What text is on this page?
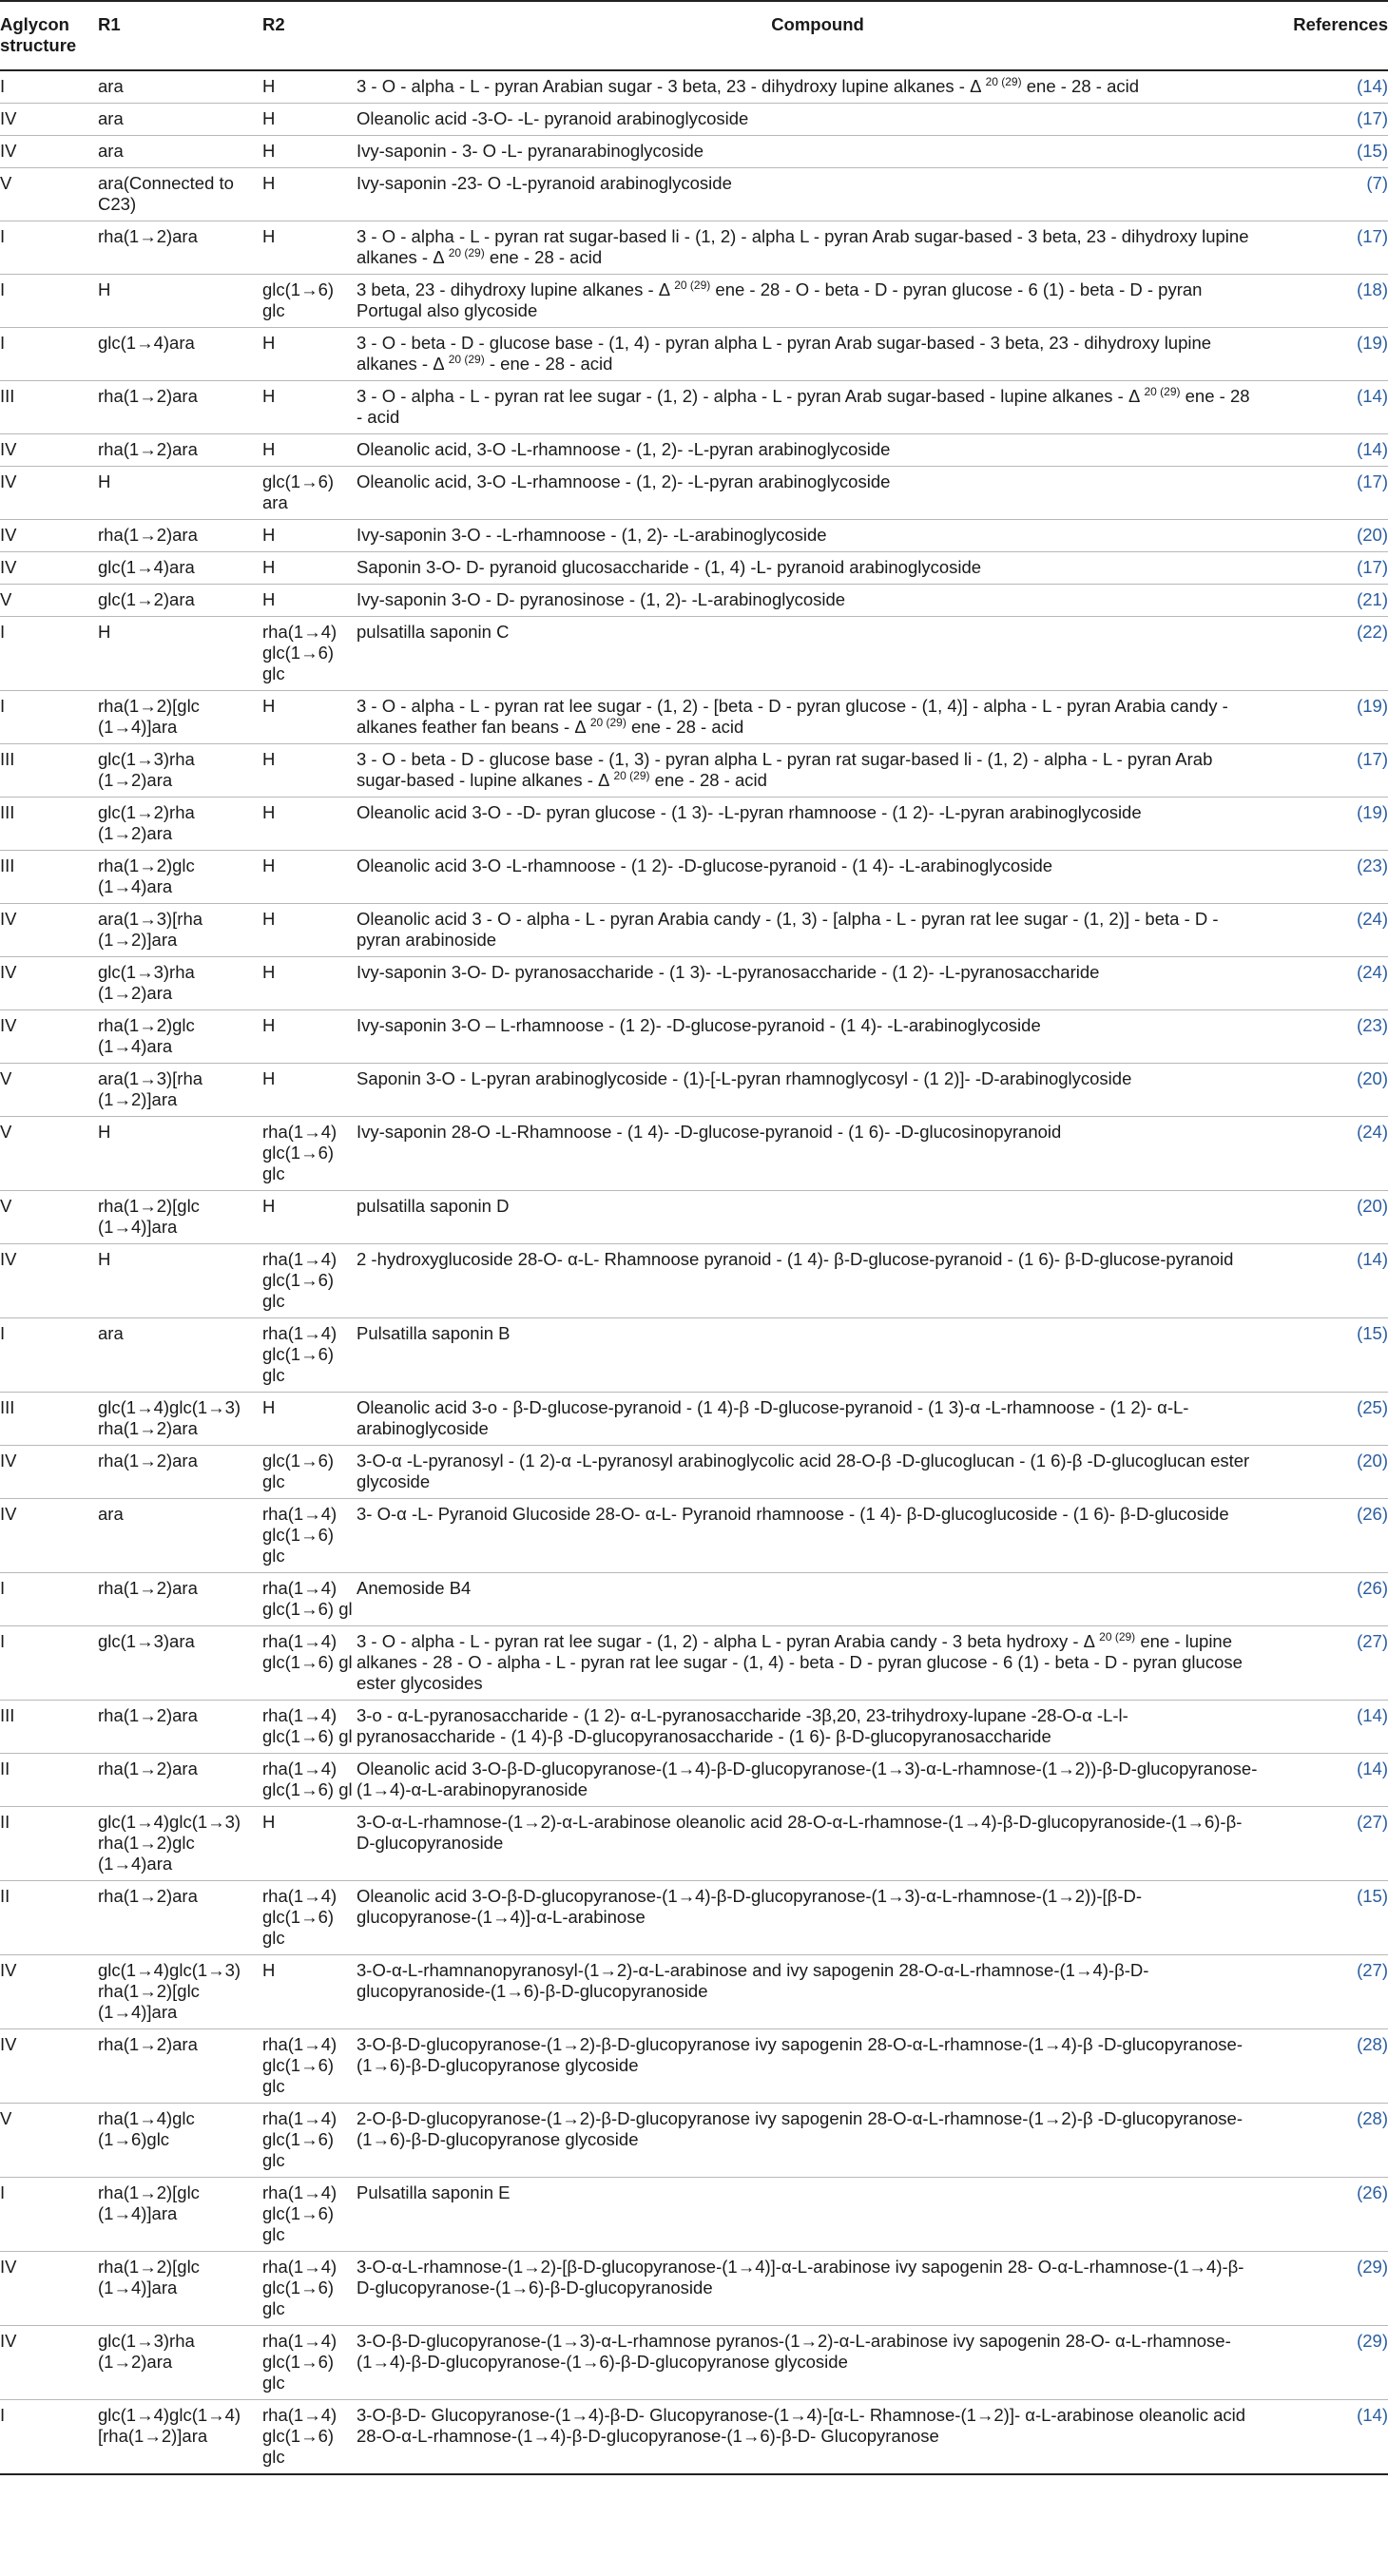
Aglycon structure	R1	R2	Compound	References
I	ara	H	3 - O - alpha - L - pyran Arabian sugar - 3 beta, 23 - dihydroxy lupine alkanes - Δ $^{20 (29)}$ ene - 28 - acid	(14)
IV	ara	H	Oleanolic acid -3-O- -L- pyranoid arabinoglycoside	(17)
IV	ara	H	Ivy-saponin - 3- O -L- pyranarabinoglycoside	(15)
V	ara(Connected to C23)	H	Ivy-saponin -23- O -L-pyranoid arabinoglycoside	(7)
I	rha(1→2)ara	H	3 - O - alpha - L - pyran rat sugar-based li - (1, 2) - alpha L - pyran Arab sugar-based - 3 beta, 23 - dihydroxy lupine alkanes - Δ $^{20 (29)}$ ene - 28 - acid	(17)
I	H	glc(1→6) glc	3 beta, 23 - dihydroxy lupine alkanes - Δ $^{20 (29)}$ ene - 28 - O - beta - D - pyran glucose - 6 (1) - beta - D - pyran Portugal also glycoside	(18)
I	glc(1→4)ara	H	3 - O - beta - D - glucose base - (1, 4) - pyran alpha L - pyran Arab sugar-based - 3 beta, 23 - dihydroxy lupine alkanes - Δ $^{20 (29)}$ - ene - 28 - acid	(19)
III	rha(1→2)ara	H	3 - O - alpha - L - pyran rat lee sugar - (1, 2) - alpha - L - pyran Arab sugar-based - lupine alkanes - Δ $^{20 (29)}$ ene - 28 - acid	(14)
IV	rha(1→2)ara	H	Oleanolic acid, 3-O -L-rhamnoose - (1, 2)- -L-pyran arabinoglycoside	(14)
IV	H	glc(1→6) ara	Oleanolic acid, 3-O -L-rhamnoose - (1, 2)- -L-pyran arabinoglycoside	(17)
IV	rha(1→2)ara	H	Ivy-saponin 3-O - -L-rhamnoose - (1, 2)- -L-arabinoglycoside	(20)
IV	glc(1→4)ara	H	Saponin 3-O- D- pyranoid glucosaccharide - (1, 4) -L- pyranoid arabinoglycoside	(17)
V	glc(1→2)ara	H	Ivy-saponin 3-O - D- pyranosinose - (1, 2)- -L-arabinoglycoside	(21)
I	H	rha(1→4) glc(1→6) glc	pulsatilla saponin C	(22)
I	rha(1→2)[glc (1→4)]ara	H	3 - O - alpha - L - pyran rat lee sugar - (1, 2) - [beta - D - pyran glucose - (1, 4)] - alpha - L - pyran Arabia candy - alkanes feather fan beans - Δ $^{20 (29)}$ ene - 28 - acid	(19)
III	glc(1→3)rha (1→2)ara	H	3 - O - beta - D - glucose base - (1, 3) - pyran alpha L - pyran rat sugar-based li - (1, 2) - alpha - L - pyran Arab sugar-based - lupine alkanes - Δ $^{20 (29)}$ ene - 28 - acid	(17)
III	glc(1→2)rha (1→2)ara	H	Oleanolic acid 3-O - -D- pyran glucose - (1 3)- -L-pyran rhamnoose - (1 2)- -L-pyran arabinoglycoside	(19)
III	rha(1→2)glc (1→4)ara	H	Oleanolic acid 3-O -L-rhamnoose - (1 2)- -D-glucose-pyranoid - (1 4)- -L-arabinoglycoside	(23)
IV	ara(1→3)[rha (1→2)]ara	H	Oleanolic acid 3 - O - alpha - L - pyran Arabia candy - (1, 3) - [alpha - L - pyran rat lee sugar - (1, 2)] - beta - D - pyran arabinoside	(24)
IV	glc(1→3)rha (1→2)ara	H	Ivy-saponin 3-O- D- pyranosaccharide - (1 3)- -L-pyranosaccharide - (1 2)- -L-pyranosaccharide	(24)
IV	rha(1→2)glc (1→4)ara	H	Ivy-saponin 3-O – L-rhamnoose - (1 2)- -D-glucose-pyranoid - (1 4)- -L-arabinoglycoside	(23)
V	ara(1→3)[rha (1→2)]ara	H	Saponin 3-O - L-pyran arabinoglycoside - (1)-[-L-pyran rhamnoglycosyl - (1 2)]- -D-arabinoglycoside	(20)
V	H	rha(1→4) glc(1→6) glc	Ivy-saponin 28-O -L-Rhamnoose - (1 4)- -D-glucose-pyranoid - (1 6)- -D-glucosinopyranoid	(24)
V	rha(1→2)[glc (1→4)]ara	H	pulsatilla saponin D	(20)
IV	H	rha(1→4) glc(1→6) glc	2 -hydroxyglucoside 28-O- α-L- Rhamnoose pyranoid - (1 4)- β-D-glucose-pyranoid - (1 6)- β-D-glucose-pyranoid	(14)
I	ara	rha(1→4) glc(1→6) glc	Pulsatilla saponin B	(15)
III	glc(1→4)glc(1→3) rha(1→2)ara	H	Oleanolic acid 3-o - β-D-glucose-pyranoid - (1 4)-β -D-glucose-pyranoid - (1 3)-α -L-rhamnoose - (1 2)- α-L-arabinoglycoside	(25)
IV	rha(1→2)ara	glc(1→6) glc	3-O-α -L-pyranosyl - (1 2)-α -L-pyranosyl arabinoglycolic acid 28-O-β -D-glucoglucan - (1 6)-β -D-glucoglucan ester glycoside	(20)
IV	ara	rha(1→4) glc(1→6) glc	3- O-α -L- Pyranoid Glucoside 28-O- α-L- Pyranoid rhamnoose - (1 4)- β-D-glucoglucoside - (1 6)- β-D-glucoside	(26)
I	rha(1→2)ara	rha(1→4) glc(1→6) gl	Anemoside B4	(26)
I	glc(1→3)ara	rha(1→4) glc(1→6) gl	3 - O - alpha - L - pyran rat lee sugar - (1, 2) - alpha L - pyran Arabia candy - 3 beta hydroxy - Δ $^{20 (29)}$ ene - lupine alkanes - 28 - O - alpha - L - pyran rat lee sugar - (1, 4) - beta - D - pyran glucose - 6 (1) - beta - D - pyran glucose ester glycosides	(27)
III	rha(1→2)ara	rha(1→4) glc(1→6) gl	3-o - α-L-pyranosaccharide - (1 2)- α-L-pyranosaccharide -3β,20, 23-trihydroxy-lupane -28-O-α -L-l-pyranosaccharide - (1 4)-β -D-glucopyranosaccharide - (1 6)- β-D-glucopyranosaccharide	(14)
II	rha(1→2)ara	rha(1→4) glc(1→6) gl	Oleanolic acid 3-O-β-D-glucopyranose-(1→4)-β-D-glucopyranose-(1→3)-α-L-rhamnose-(1→2))-β-D-glucopyranose-(1→4)-α-L-arabinopyranoside	(14)
II	glc(1→4)glc(1→3) rha(1→2)glc (1→4)ara	H	3-O-α-L-rhamnose-(1→2)-α-L-arabinose oleanolic acid 28-O-α-L-rhamnose-(1→4)-β-D-glucopyranoside-(1→6)-β-D-glucopyranoside	(27)
II	rha(1→2)ara	rha(1→4) glc(1→6) glc	Oleanolic acid 3-O-β-D-glucopyranose-(1→4)-β-D-glucopyranose-(1→3)-α-L-rhamnose-(1→2))-[β-D-glucopyranose-(1→4)]-α-L-arabinose	(15)
IV	glc(1→4)glc(1→3) rha(1→2)[glc (1→4)]ara	H	3-O-α-L-rhamnanopyranosyl-(1→2)-α-L-arabinose and ivy sapogenin 28-O-α-L-rhamnose-(1→4)-β-D-glucopyranoside-(1→6)-β-D-glucopyranoside	(27)
IV	rha(1→2)ara	rha(1→4) glc(1→6) glc	3-O-β-D-glucopyranose-(1→2)-β-D-glucopyranose ivy sapogenin 28-O-α-L-rhamnose-(1→4)-β -D-glucopyranose-(1→6)-β-D-glucopyranose glycoside	(28)
V	rha(1→4)glc (1→6)glc	rha(1→4) glc(1→6) glc	2-O-β-D-glucopyranose-(1→2)-β-D-glucopyranose ivy sapogenin 28-O-α-L-rhamnose-(1→2)-β -D-glucopyranose-(1→6)-β-D-glucopyranose glycoside	(28)
I	rha(1→2)[glc (1→4)]ara	rha(1→4) glc(1→6) glc	Pulsatilla saponin E	(26)
IV	rha(1→2)[glc (1→4)]ara	rha(1→4) glc(1→6) glc	3-O-α-L-rhamnose-(1→2)-[β-D-glucopyranose-(1→4)]-α-L-arabinose ivy sapogenin 28- O-α-L-rhamnose-(1→4)-β-D-glucopyranose-(1→6)-β-D-glucopyranoside	(29)
IV	glc(1→3)rha (1→2)ara	rha(1→4) glc(1→6) glc	3-O-β-D-glucopyranose-(1→3)-α-L-rhamnose pyranos-(1→2)-α-L-arabinose ivy sapogenin 28-O- α-L-rhamnose-(1→4)-β-D-glucopyranose-(1→6)-β-D-glucopyranose glycoside	(29)
I	glc(1→4)glc(1→4) [rha(1→2)]ara	rha(1→4) glc(1→6) glc	3-O-β-D- Glucopyranose-(1→4)-β-D- Glucopyranose-(1→4)-[α-L- Rhamnose-(1→2)]- α-L-arabinose oleanolic acid 28-O-α-L-rhamnose-(1→4)-β-D-glucopyranose-(1→6)-β-D- Glucopyranose	(14)
